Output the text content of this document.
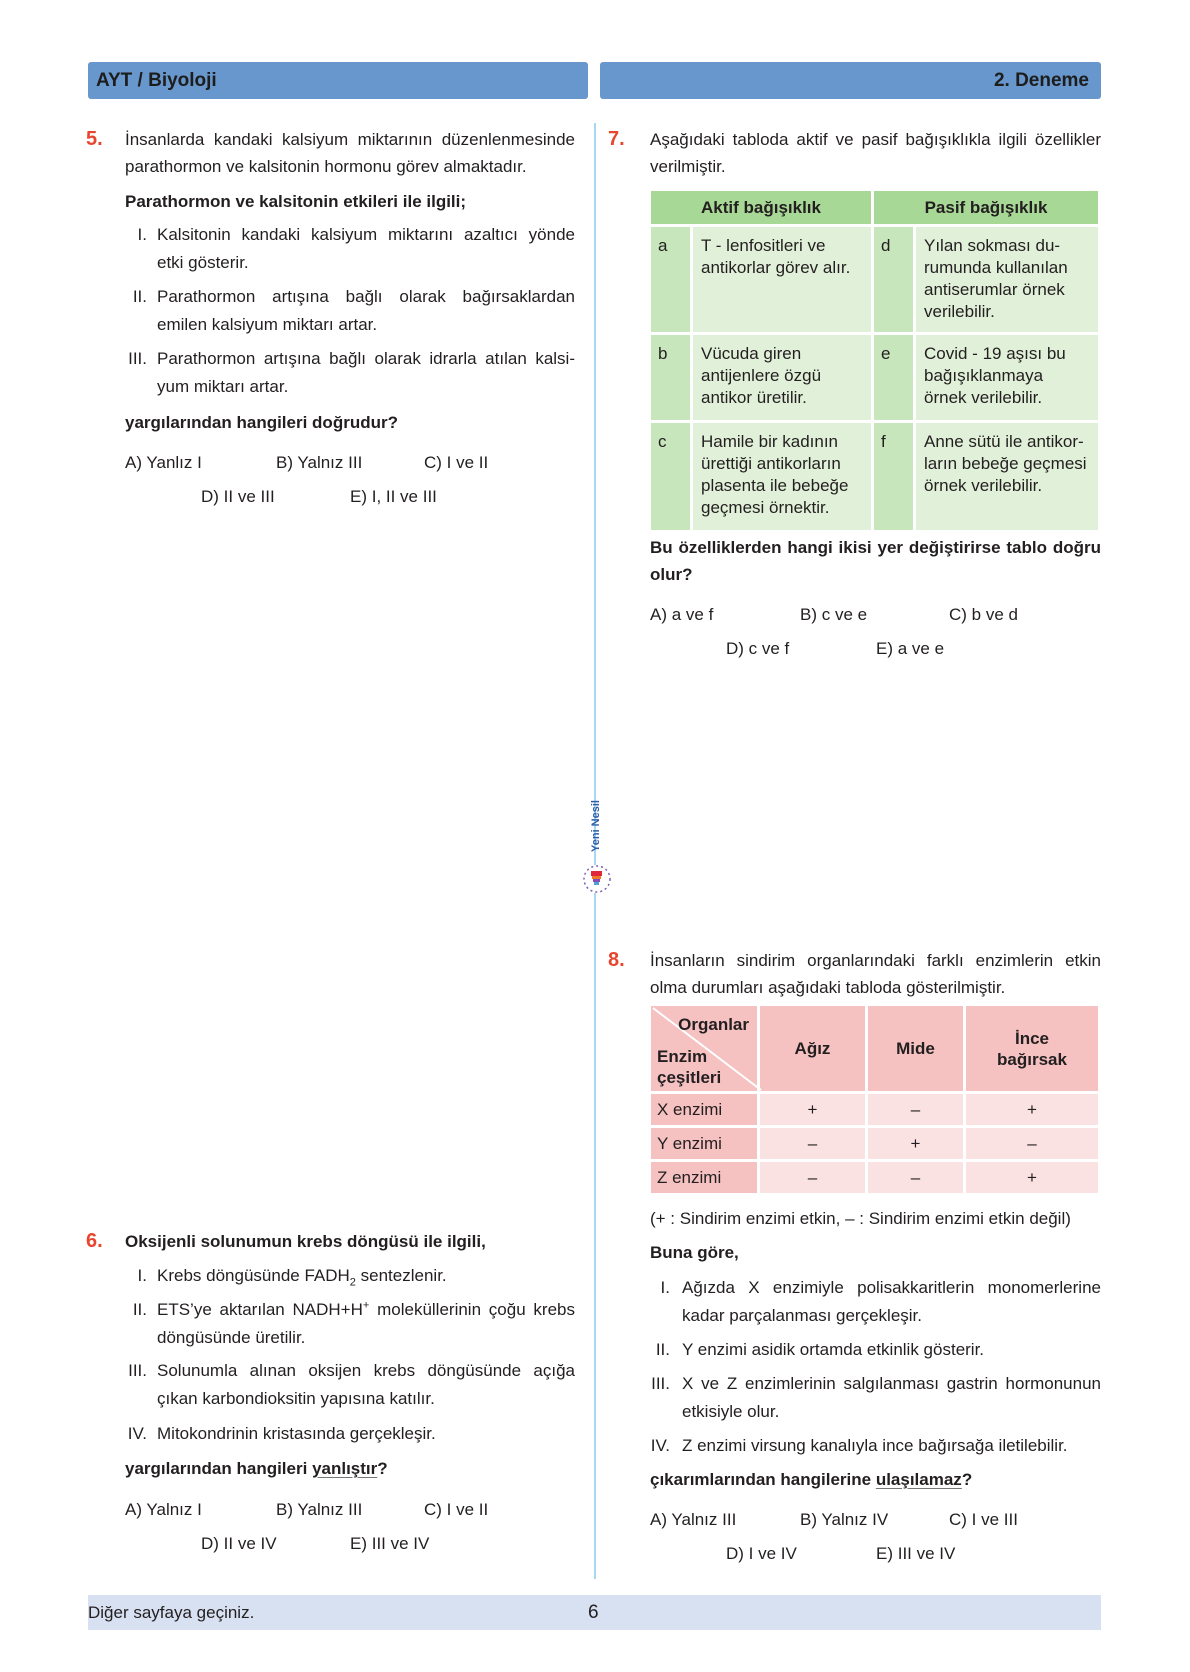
AYT / Biyoloji	2. Deneme
Yeni Nesil
5. İnsanlarda kandaki kalsiyum miktarının düzenlenmesinde parathormon ve kalsitonin hormonu görev almaktadır.
Parathormon ve kalsitonin etkileri ile ilgili;
I. Kalsitonin kandaki kalsiyum miktarını azaltıcı yönde etki gösterir.
II. Parathormon artışına bağlı olarak bağırsaklardan emilen kalsiyum miktarı artar.
III. Parathormon artışına bağlı olarak idrarla atılan kalsi-yum miktarı artar.
yargılarından hangileri doğrudur?
A) Yanlız I	B) Yalnız III	C) I ve II
D) II ve III	E) I, II ve III
6. Oksijenli solunumun krebs döngüsü ile ilgili,
I. Krebs döngüsünde $FADH_2$ sentezlenir.
II. ETS’ye aktarılan NADH+H+ moleküllerinin çoğu krebs döngüsünde üretilir.
III. Solunumla alınan oksijen krebs döngüsünde açığa çıkan karbondioksitin yapısına katılır.
IV. Mitokondrinin kristasında gerçekleşir.
yargılarından hangileri yanlıştır?
A) Yalnız I	B) Yalnız III	C) I ve II
D) II ve IV	E) III ve IV
7. Aşağıdaki tabloda aktif ve pasif bağışıklıkla ilgili özellikler verilmiştir.
Aktif bağışıklık		Pasif bağışıklık	
a	T - lenfositleri ve antikorlar görev alır.	d	Yılan sokması du-rumunda kullanılan antiserumlar örnek verilebilir.
b	Vücuda giren antijenlere özgü antikor üretilir.	e	Covid - 19 aşısı bu bağışıklanmaya örnek verilebilir.
c	Hamile bir kadının ürettiği antikorların plasenta ile bebeğe geçmesi örnektir.	f	Anne sütü ile antikor-ların bebeğe geçmesi örnek verilebilir.
Bu özelliklerden hangi ikisi yer değiştirirse tablo doğru olur?
A) a ve f	B) c ve e	C) b ve d
D) c ve f	E) a ve e
8. İnsanların sindirim organlarındaki farklı enzimlerin etkin olma durumları aşağıdaki tabloda gösterilmiştir.
Organlar
Enzim çeşitleri	Ağız	Mide	İnce bağırsak
X enzimi	+	–	+
Y enzimi	–	+	–
Z enzimi	–	–	+
(+ : Sindirim enzimi etkin, – : Sindirim enzimi etkin değil)
Buna göre,
I. Ağızda X enzimiyle polisakkaritlerin monomerlerine kadar parçalanması gerçekleşir.
II. Y enzimi asidik ortamda etkinlik gösterir.
III. X ve Z enzimlerinin salgılanması gastrin hormonunun etkisiyle olur.
IV. Z enzimi virsung kanalıyla ince bağırsağa iletilebilir.
çıkarımlarından hangilerine ulaşılamaz?
A) Yalnız III	B) Yalnız IV	C) I ve III
D) I ve IV	E) III ve IV
Diğer sayfaya geçiniz.	6
